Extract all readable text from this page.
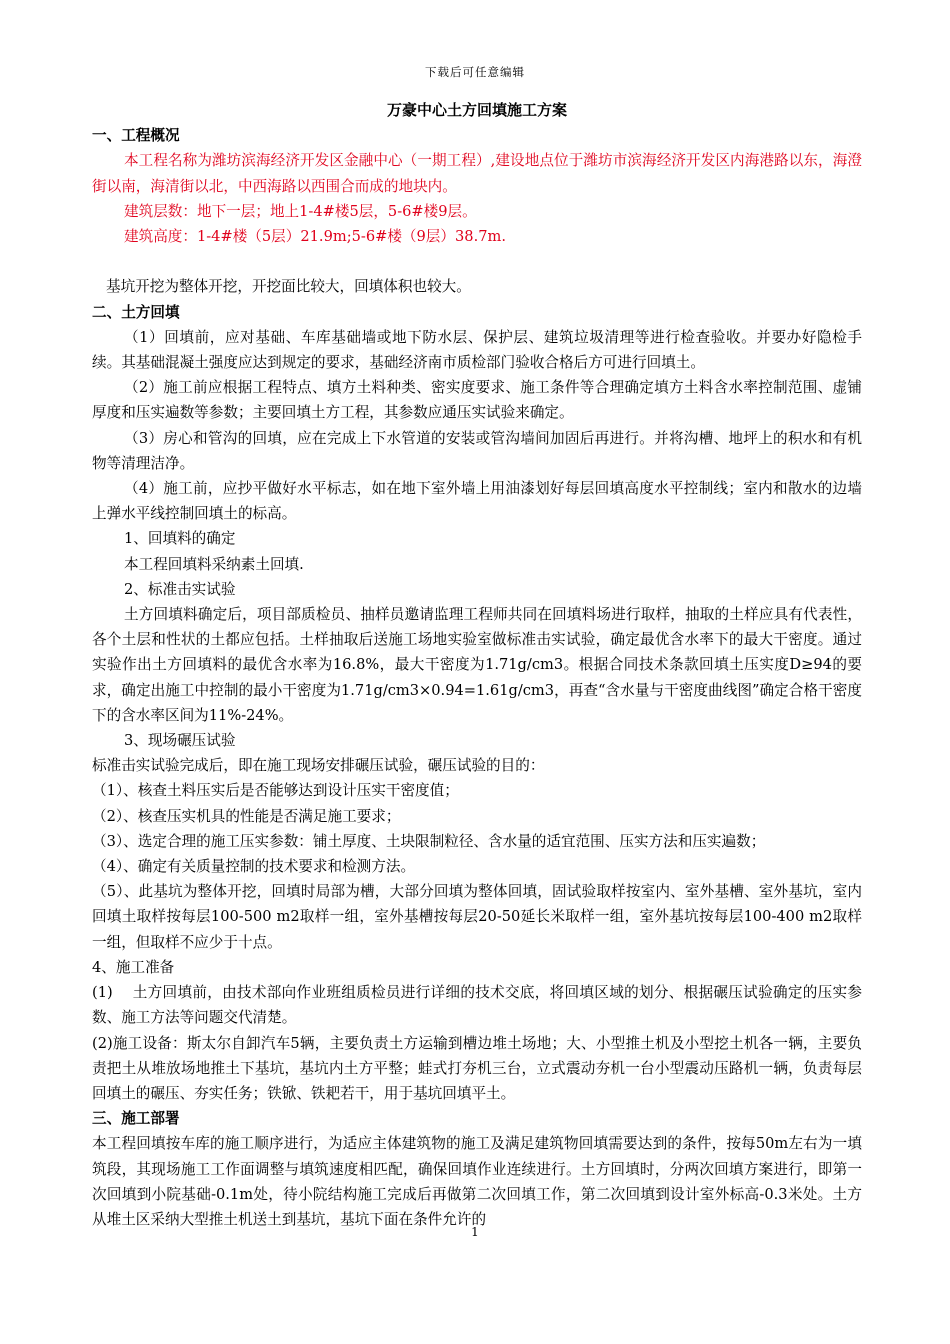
下载后可任意编辑
万豪中心土方回填施工方案
一、工程概况

本工程名称为潍坊滨海经济开发区金融中心（一期工程）,建设地点位于潍坊市滨海经济开发区内海港路以东，海澄街以南，海清街以北，中西海路以西围合而成的地块内。

建筑层数：地下一层；地上1-4#楼5层，5-6#楼9层。

建筑高度：1-4#楼（5层）21.9m;5-6#楼（9层）38.7m.

基坑开挖为整体开挖，开挖面比较大，回填体积也较大。

二、土方回填

（1）回填前，应对基础、车库基础墙或地下防水层、保护层、建筑垃圾清理等进行检查验收。并要办好隐检手续。其基础混凝土强度应达到规定的要求，基础经济南市质检部门验收合格后方可进行回填土。

（2）施工前应根据工程特点、填方土料种类、密实度要求、施工条件等合理确定填方土料含水率控制范围、虚铺厚度和压实遍数等参数；主要回填土方工程，其参数应通压实试验来确定。

（3）房心和管沟的回填，应在完成上下水管道的安装或管沟墙间加固后再进行。并将沟槽、地坪上的积水和有机物等清理洁净。

（4）施工前，应抄平做好水平标志，如在地下室外墙上用油漆划好每层回填高度水平控制线；室内和散水的边墙上弹水平线控制回填土的标高。

1、回填料的确定

本工程回填料采纳素土回填.

2、标准击实试验

土方回填料确定后，项目部质检员、抽样员邀请监理工程师共同在回填料场进行取样，抽取的土样应具有代表性，各个土层和性状的土都应包括。土样抽取后送施工场地实验室做标准击实试验，确定最优含水率下的最大干密度。通过实验作出土方回填料的最优含水率为16.8%，最大干密度为1.71g/cm3。根据合同技术条款回填土压实度D≥94的要求，确定出施工中控制的最小干密度为1.71g/cm3×0.94=1.61g/cm3，再查“含水量与干密度曲线图”确定合格干密度下的含水率区间为11%-24%。

3、现场碾压试验

标准击实试验完成后，即在施工现场安排碾压试验，碾压试验的目的：

（1）、核查土料压实后是否能够达到设计压实干密度值；

（2）、核查压实机具的性能是否满足施工要求；

（3）、选定合理的施工压实参数：铺土厚度、土块限制粒径、含水量的适宜范围、压实方法和压实遍数；

（4）、确定有关质量控制的技术要求和检测方法。

（5）、此基坑为整体开挖，回填时局部为槽，大部分回填为整体回填，固试验取样按室内、室外基槽、室外基坑，室内回填土取样按每层100-500 m2取样一组，室外基槽按每层20-50延长米取样一组，室外基坑按每层100-400 m2取样一组，但取样不应少于十点。

4、施工准备

(1)　 土方回填前，由技术部向作业班组质检员进行详细的技术交底，将回填区域的划分、根据碾压试验确定的压实参数、施工方法等问题交代清楚。

(2)施工设备：斯太尔自卸汽车5辆，主要负责土方运输到槽边堆土场地；大、小型推土机及小型挖土机各一辆，主要负责把土从堆放场地推土下基坑，基坑内土方平整；蛙式打夯机三台，立式震动夯机一台小型震动压路机一辆，负责每层回填土的碾压、夯实任务；铁锨、铁耙若干，用于基坑回填平土。

三、施工部署

本工程回填按车库的施工顺序进行，为适应主体建筑物的施工及满足建筑物回填需要达到的条件，按每50m左右为一填筑段，其现场施工工作面调整与填筑速度相匹配，确保回填作业连续进行。土方回填时，分两次回填方案进行，即第一次回填到小院基础-0.1m处，待小院结构施工完成后再做第二次回填工作，第二次回填到设计室外标高-0.3米处。土方从堆土区采纳大型推土机送土到基坑，基坑下面在条件允许的

1
